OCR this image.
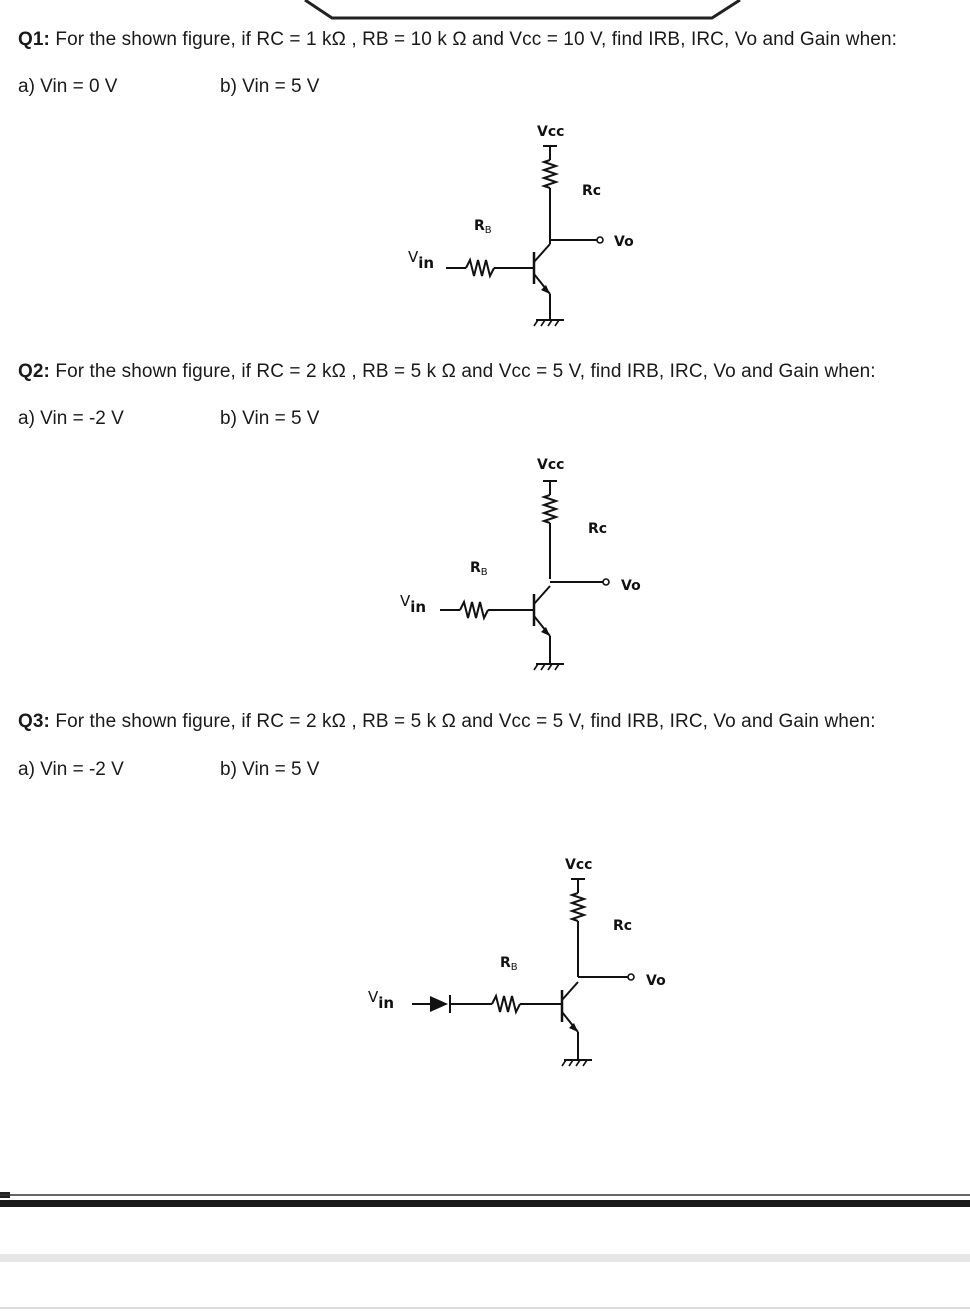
Q1: For the shown figure, if RC = 1 kΩ , RB = 10 k Ω and Vcc = 10 V, find IRB, IRC, Vo and Gain when:
a) Vin = 0 V	b) Vin = 5 V
Q2: For the shown figure, if RC = 2 kΩ , RB = 5 k Ω and Vcc = 5 V, find IRB, IRC, Vo and Gain when:
a) Vin = -2 V	b) Vin = 5 V
Q3: For the shown figure, if RC = 2 kΩ , RB = 5 k Ω and Vcc = 5 V, find IRB, IRC, Vo and Gain when:
a) Vin = -2 V	b) Vin = 5 V
Vcc
Rc
Vo
RB
Vin
Vcc
Rc
Vo
RB
Vin
Vcc
Rc
Vo
RB
Vin
